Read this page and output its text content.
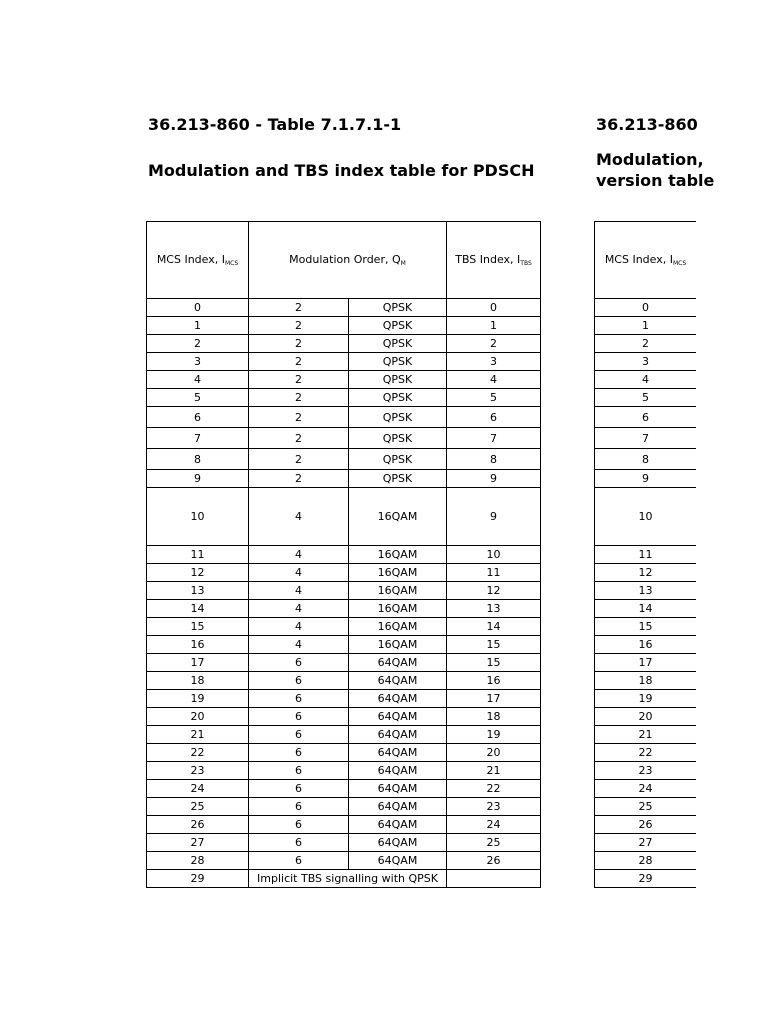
36.213-860 - Table 7.1.7.1-1
Modulation and TBS index table for PDSCH
36.213-860
Modulation,
version table
MCS Index, $I_{MCS}$	Modulation Order, $Q_M$		TBS Index, $I_{TBS}$
0	2	QPSK	0
1	2	QPSK	1
2	2	QPSK	2
3	2	QPSK	3
4	2	QPSK	4
5	2	QPSK	5
6	2	QPSK	6
7	2	QPSK	7
8	2	QPSK	8
9	2	QPSK	9
10	4	16QAM	9
11	4	16QAM	10
12	4	16QAM	11
13	4	16QAM	12
14	4	16QAM	13
15	4	16QAM	14
16	4	16QAM	15
17	6	64QAM	15
18	6	64QAM	16
19	6	64QAM	17
20	6	64QAM	18
21	6	64QAM	19
22	6	64QAM	20
23	6	64QAM	21
24	6	64QAM	22
25	6	64QAM	23
26	6	64QAM	24
27	6	64QAM	25
28	6	64QAM	26
29	Implicit TBS signalling with QPSK		
MCS Index, $I_{MCS}$
0
1
2
3
4
5
6
7
8
9
10
11
12
13
14
15
16
17
18
19
20
21
22
23
24
25
26
27
28
29
